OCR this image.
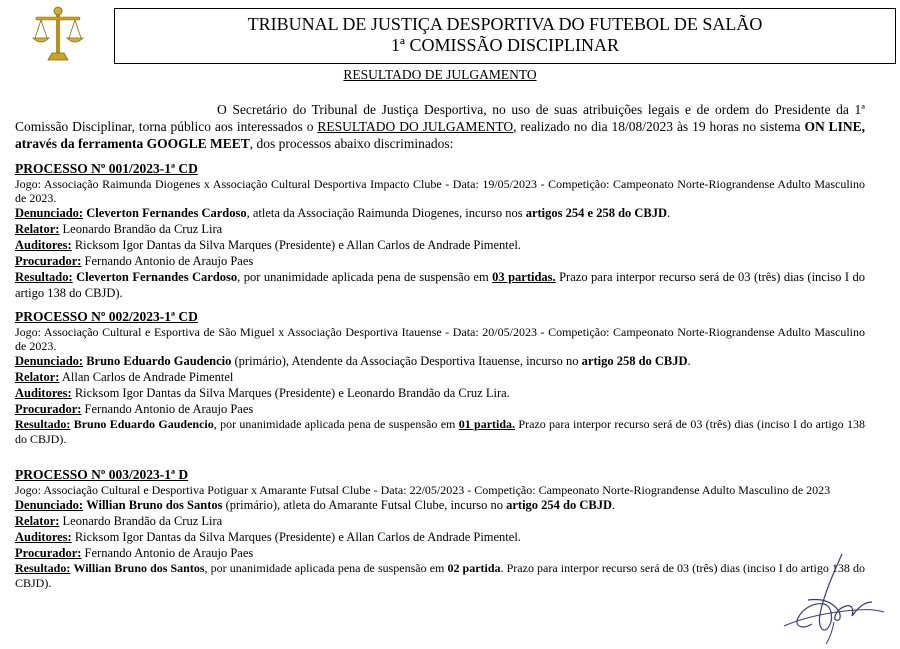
TRIBUNAL DE JUSTIÇA DESPORTIVA DO FUTEBOL DE SALÃO
1ª COMISSÃO DISCIPLINAR
RESULTADO DE JULGAMENTO
O Secretário do Tribunal de Justiça Desportiva, no uso de suas atribuições legais e de ordem do Presidente da 1ª Comissão Disciplinar, torna público aos interessados o RESULTADO DO JULGAMENTO, realizado no dia 18/08/2023 às 19 horas no sistema ON LINE, através da ferramenta GOOGLE MEET, dos processos abaixo discriminados:
PROCESSO Nº 001/2023-1ª CD
Jogo: Associação Raimunda Diogenes x Associação Cultural Desportiva Impacto Clube - Data: 19/05/2023 - Competição: Campeonato Norte-Riograndense Adulto Masculino de 2023.
Denunciado: Cleverton Fernandes Cardoso, atleta da Associação Raimunda Diogenes, incurso nos artigos 254 e 258 do CBJD.
Relator: Leonardo Brandão da Cruz Lira
Auditores: Ricksom Igor Dantas da Silva Marques (Presidente) e Allan Carlos de Andrade Pimentel.
Procurador: Fernando Antonio de Araujo Paes
Resultado: Cleverton Fernandes Cardoso, por unanimidade aplicada pena de suspensão em 03 partidas. Prazo para interpor recurso será de 03 (três) dias (inciso I do artigo 138 do CBJD).
PROCESSO Nº 002/2023-1ª CD
Jogo: Associação Cultural e Esportiva de São Miguel x Associação Desportiva Itauense - Data: 20/05/2023 - Competição: Campeonato Norte-Riograndense Adulto Masculino de 2023.
Denunciado: Bruno Eduardo Gaudencio (primário), Atendente da Associação Desportiva Itauense, incurso no artigo 258 do CBJD.
Relator: Allan Carlos de Andrade Pimentel
Auditores: Ricksom Igor Dantas da Silva Marques (Presidente) e Leonardo Brandão da Cruz Lira.
Procurador: Fernando Antonio de Araujo Paes
Resultado: Bruno Eduardo Gaudencio, por unanimidade aplicada pena de suspensão em 01 partida. Prazo para interpor recurso será de 03 (três) dias (inciso I do artigo 138 do CBJD).
PROCESSO Nº 003/2023-1ª D
Jogo: Associação Cultural e Desportiva Potiguar x Amarante Futsal Clube - Data: 22/05/2023 - Competição: Campeonato Norte-Riograndense Adulto Masculino de 2023
Denunciado: Willian Bruno dos Santos (primário), atleta do Amarante Futsal Clube, incurso no artigo 254 do CBJD.
Relator: Leonardo Brandão da Cruz Lira
Auditores: Ricksom Igor Dantas da Silva Marques (Presidente) e Allan Carlos de Andrade Pimentel.
Procurador: Fernando Antonio de Araujo Paes
Resultado: Willian Bruno dos Santos, por unanimidade aplicada pena de suspensão em 02 partida. Prazo para interpor recurso será de 03 (três) dias (inciso I do artigo 138 do CBJD).
